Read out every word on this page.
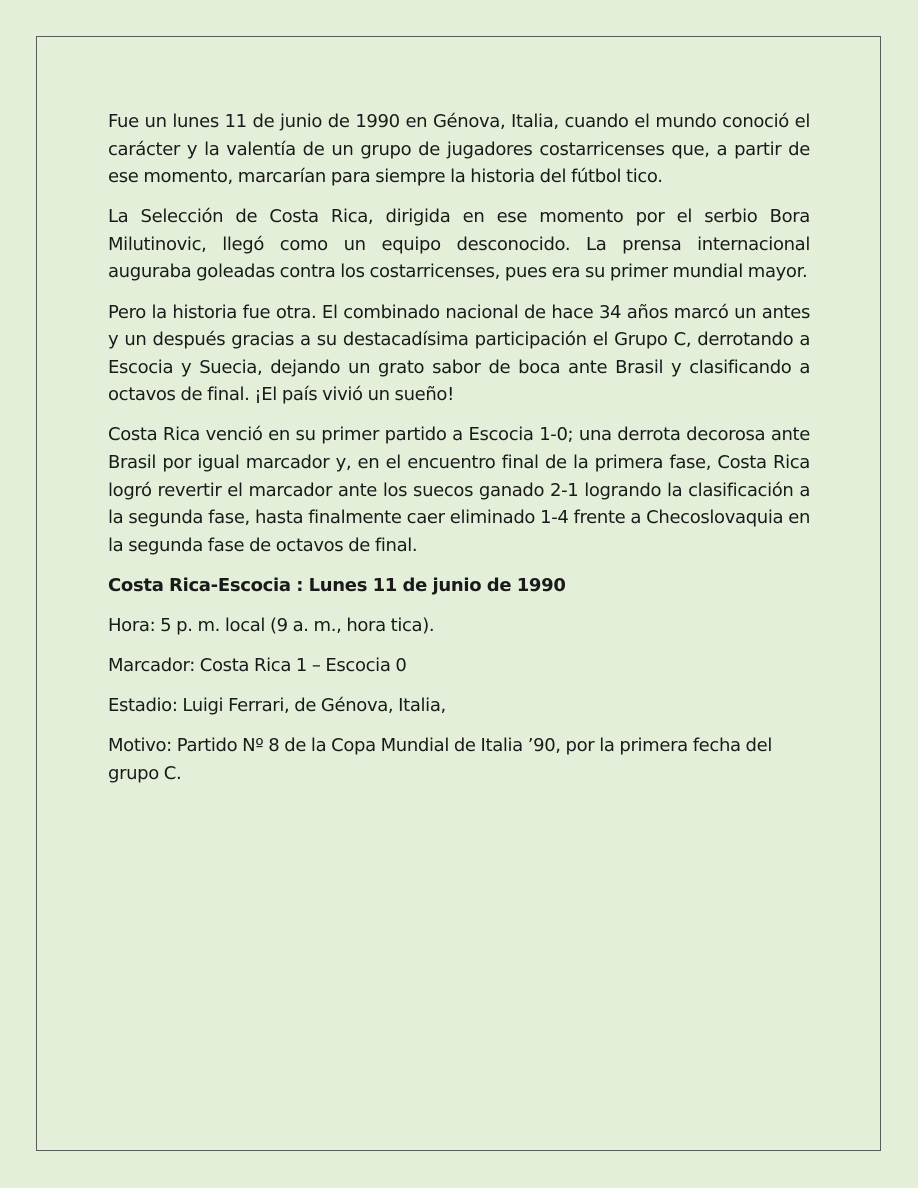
Fue un lunes 11 de junio de 1990 en Génova, Italia, cuando el mundo conoció el carácter y la valentía de un grupo de jugadores costarricenses que, a partir de ese momento, marcarían para siempre la historia del fútbol tico.

La Selección de Costa Rica, dirigida en ese momento por el serbio Bora Milutinovic, llegó como un equipo desconocido. La prensa internacional auguraba goleadas contra los costarricenses, pues era su primer mundial mayor.

Pero la historia fue otra. El combinado nacional de hace 34 años marcó un antes y un después gracias a su destacadísima participación el Grupo C, derrotando a Escocia y Suecia, dejando un grato sabor de boca ante Brasil y clasificando a octavos de final. ¡El país vivió un sueño!

Costa Rica venció en su primer partido a Escocia 1-0; una derrota decorosa ante Brasil por igual marcador y, en el encuentro final de la primera fase, Costa Rica logró revertir el marcador ante los suecos ganado 2-1 logrando la clasificación a la segunda fase, hasta finalmente caer eliminado 1-4 frente a Checoslovaquia en la segunda fase de octavos de final.

Costa Rica-Escocia : Lunes 11 de junio de 1990

Hora: 5 p. m. local (9 a. m., hora tica).

Marcador: Costa Rica 1 – Escocia 0

Estadio: Luigi Ferrari, de Génova, Italia,

Motivo: Partido Nº 8 de la Copa Mundial de Italia ’90, por la primera fecha del grupo C.
